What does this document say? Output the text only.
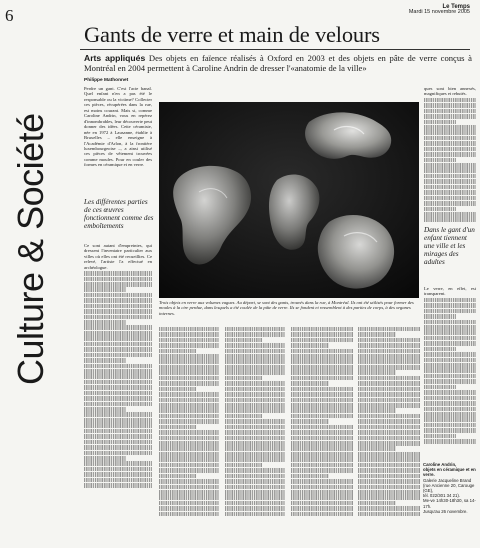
6	Le Temps
Mardi 15 novembre 2005
Culture & Société
Gants de verre et main de velours
Arts appliqués Des objets en faïence réalisés à Oxford en 2003 et des objets en pâte de verre conçus à Montréal en 2004 permettent à Caroline Andrin de dresser l'«anatomie de la ville»
Philippe Mathonnet
Perdre un gant. C'est l'acte banal. Quel enfant n'en a pas été le responsable ou la victime? Collecter ces pièces, récupérées dans la rue, est moins courant. Mais si, comme Caroline Andrin, vous en repérez d'innombrables, leur découverte peut donner des idées. Cette céramiste, née en 1972 à Lausanne, établie à Bruxelles – elle enseigne à l'Académie d'Arlon, à la frontière luxembourgeoise –, a ainsi utilisé ces pièces de vêtement trouvées comme moules. Pour en couler des formes en céramique et en verre.
Les différentes parties de ces œuvres fonctionnent comme des emboîtements
Ce sont autant d'empreintes, qui dressent l'inventaire particulier aux villes où elles ont été recueillies. Ce relevé, l'artiste l'a effectué en archéologue.
Trois objets en verre aux volumes vagues. Au départ, se sont des gants, trouvés dans la rue, à Montréal. Ils ont été utilisés pour former des moules à la cire perdue, dans lesquels a été coulée de la pâte de verre. Ils se fondent et ressemblent à des parties de corps, à des organes internes.
ques sont bien annexés, magnifiques et rebutés.
Dans le gant d'un enfant tiennent une ville et les mirages des adultes
Le verre, en effet, est transparent.
Caroline Andrin,
objets en céramique et en verre.
Galerie Jacqueline Brand
(rue Ancienne 20, Carouge (GE),
tél. 022/301 34 21).
Me-ve 14h30-18h30, sa 14-17h.
Jusqu'au 26 novembre.
